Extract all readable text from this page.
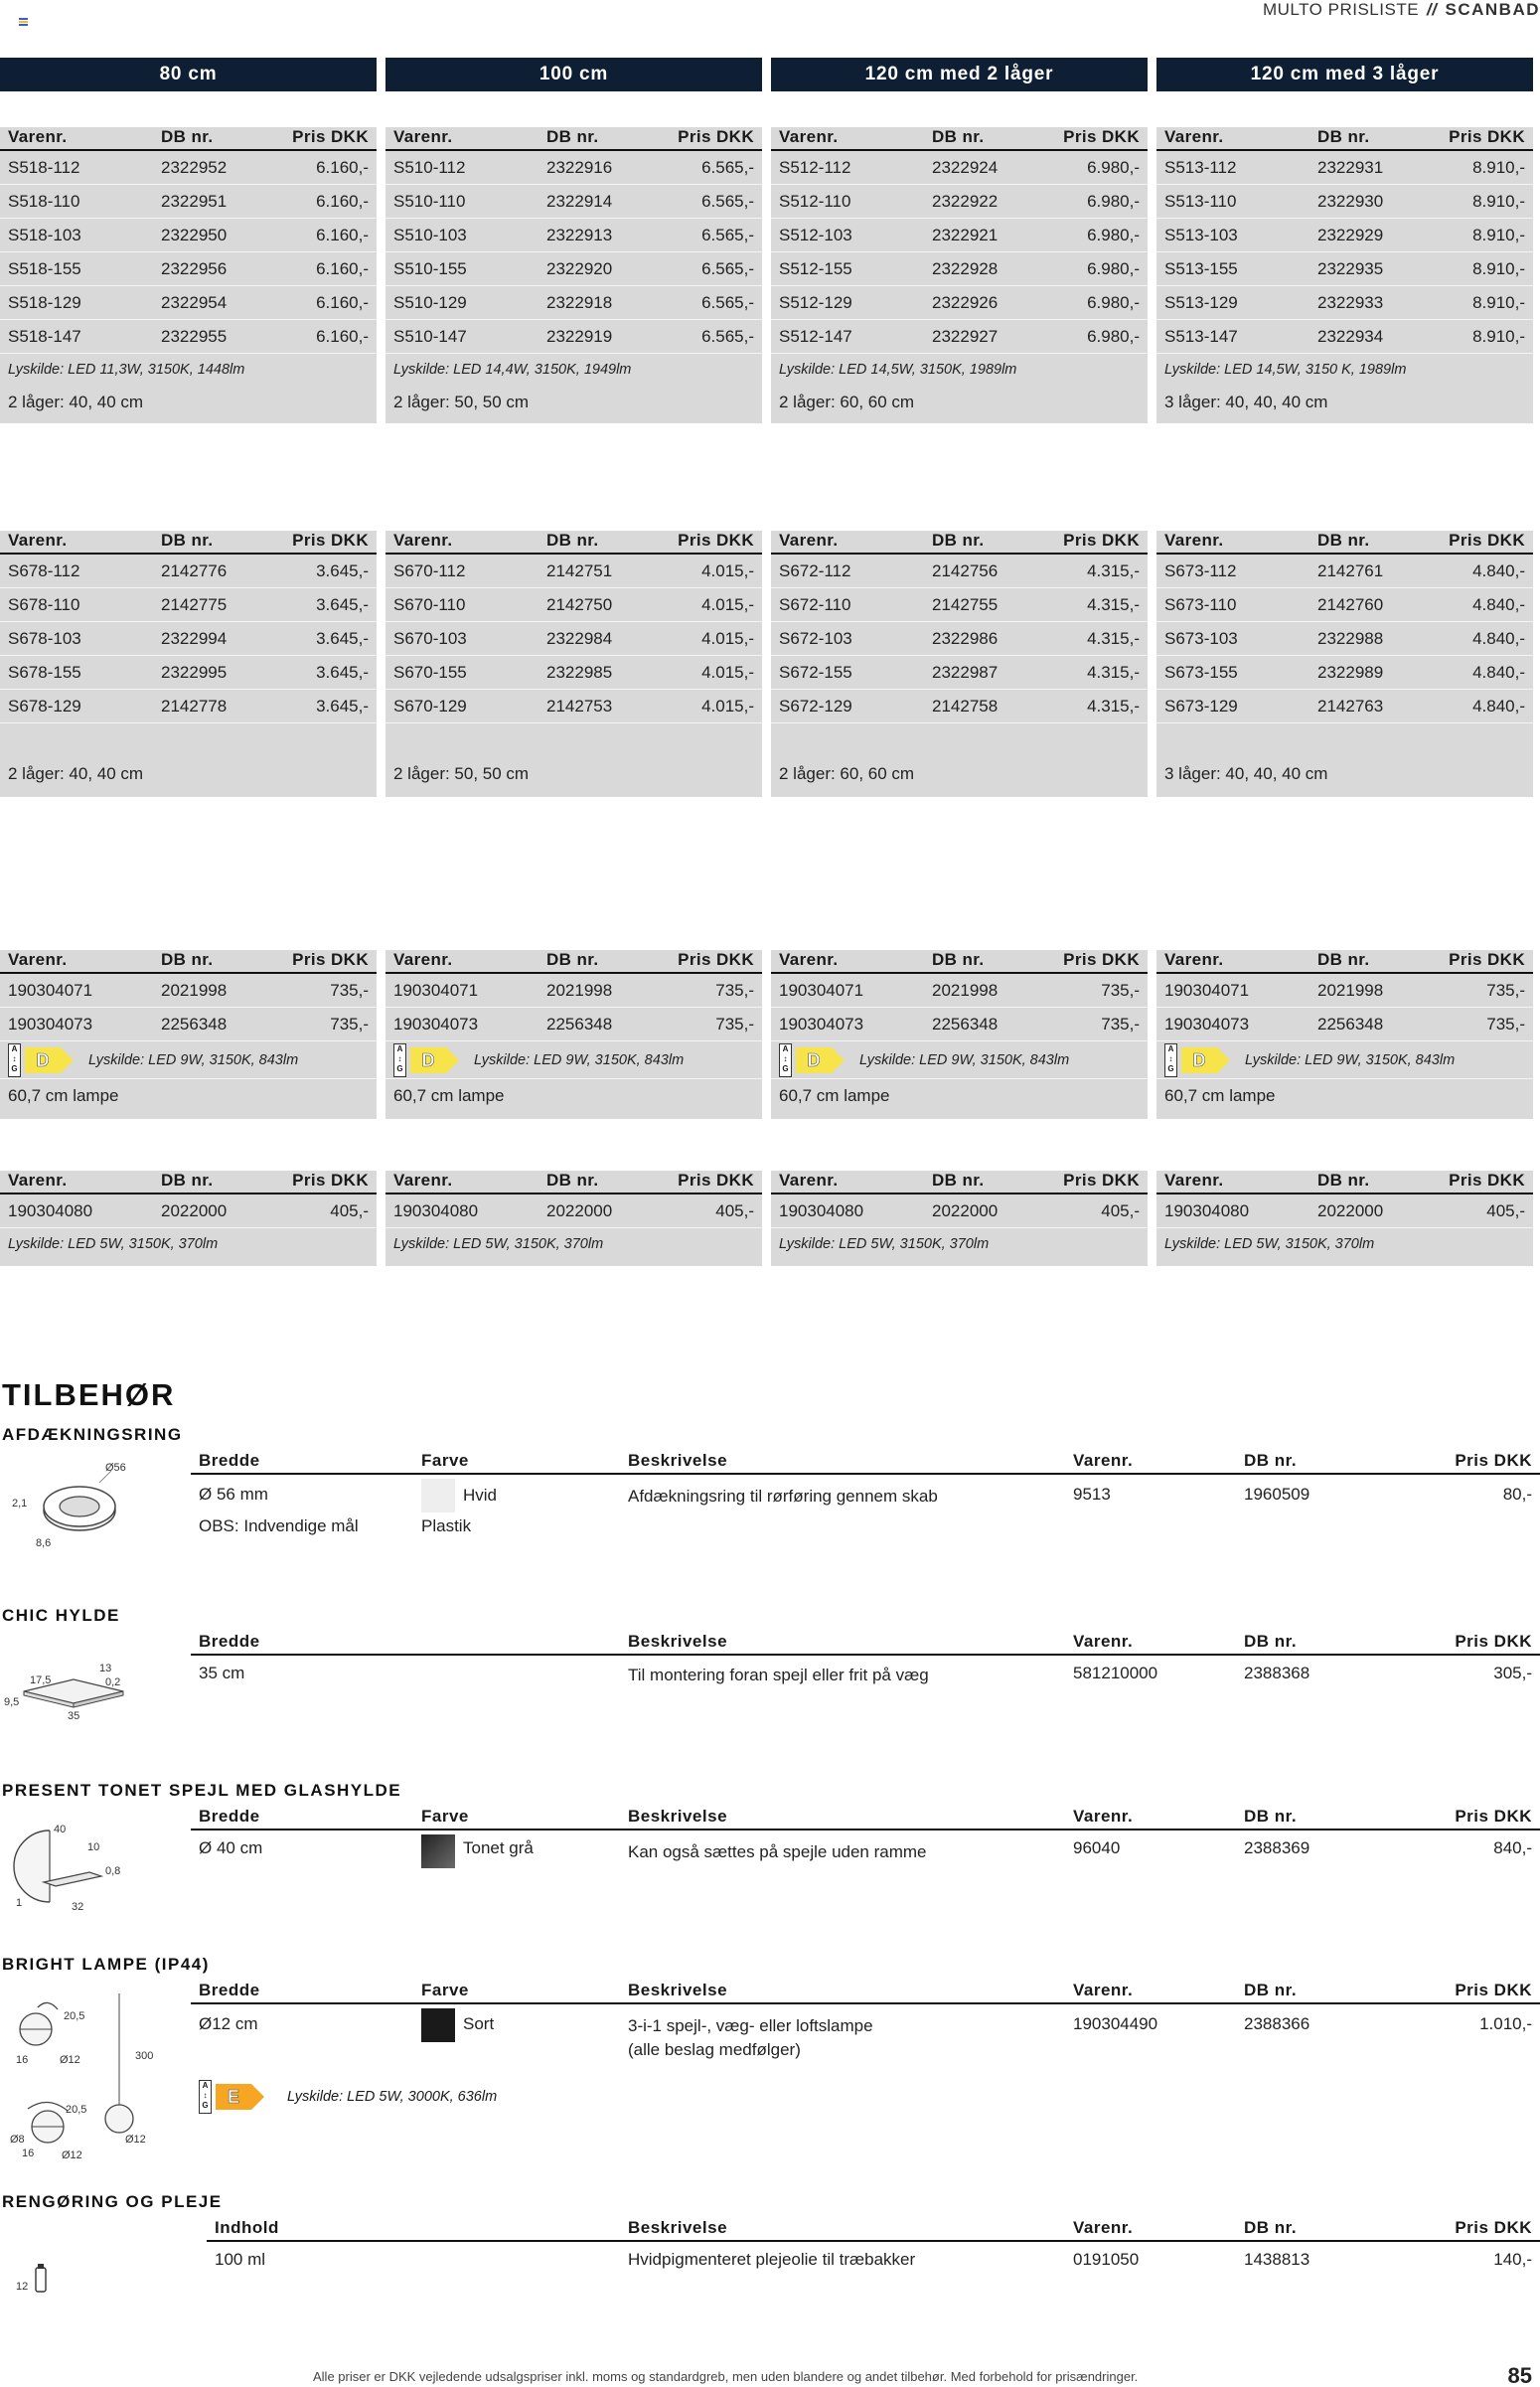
MULTO PRISLISTE // SCANBAD
80 cm	100 cm	120 cm med 2 låger	120 cm med 3 låger
Varenr.	DB nr.	Pris DKK
S518-112	2322952	6.160,-
S518-110	2322951	6.160,-
S518-103	2322950	6.160,-
S518-155	2322956	6.160,-
S518-129	2322954	6.160,-
S518-147	2322955	6.160,-
Lyskilde: LED 11,3W, 3150K, 1448lm
2 låger: 40, 40 cm
Varenr.	DB nr.	Pris DKK
S510-112	2322916	6.565,-
S510-110	2322914	6.565,-
S510-103	2322913	6.565,-
S510-155	2322920	6.565,-
S510-129	2322918	6.565,-
S510-147	2322919	6.565,-
Lyskilde: LED 14,4W, 3150K, 1949lm
2 låger: 50, 50 cm
Varenr.	DB nr.	Pris DKK
S512-112	2322924	6.980,-
S512-110	2322922	6.980,-
S512-103	2322921	6.980,-
S512-155	2322928	6.980,-
S512-129	2322926	6.980,-
S512-147	2322927	6.980,-
Lyskilde: LED 14,5W, 3150K, 1989lm
2 låger: 60, 60 cm
Varenr.	DB nr.	Pris DKK
S513-112	2322931	8.910,-
S513-110	2322930	8.910,-
S513-103	2322929	8.910,-
S513-155	2322935	8.910,-
S513-129	2322933	8.910,-
S513-147	2322934	8.910,-
Lyskilde: LED 14,5W, 3150 K, 1989lm
3 låger: 40, 40, 40 cm
Varenr.	DB nr.	Pris DKK
S678-112	2142776	3.645,-
S678-110	2142775	3.645,-
S678-103	2322994	3.645,-
S678-155	2322995	3.645,-
S678-129	2142778	3.645,-
2 låger: 40, 40 cm
Varenr.	DB nr.	Pris DKK
S670-112	2142751	4.015,-
S670-110	2142750	4.015,-
S670-103	2322984	4.015,-
S670-155	2322985	4.015,-
S670-129	2142753	4.015,-
2 låger: 50, 50 cm
Varenr.	DB nr.	Pris DKK
S672-112	2142756	4.315,-
S672-110	2142755	4.315,-
S672-103	2322986	4.315,-
S672-155	2322987	4.315,-
S672-129	2142758	4.315,-
2 låger: 60, 60 cm
Varenr.	DB nr.	Pris DKK
S673-112	2142761	4.840,-
S673-110	2142760	4.840,-
S673-103	2322988	4.840,-
S673-155	2322989	4.840,-
S673-129	2142763	4.840,-
3 låger: 40, 40, 40 cm
Varenr.	DB nr.	Pris DKK
190304071	2021998	735,-
190304073	2256348	735,-
A
↕
G	D	Lyskilde: LED 9W, 3150K, 843lm
60,7 cm lampe
Varenr.	DB nr.	Pris DKK
190304071	2021998	735,-
190304073	2256348	735,-
A
↕
G	D	Lyskilde: LED 9W, 3150K, 843lm
60,7 cm lampe
Varenr.	DB nr.	Pris DKK
190304071	2021998	735,-
190304073	2256348	735,-
A
↕
G	D	Lyskilde: LED 9W, 3150K, 843lm
60,7 cm lampe
Varenr.	DB nr.	Pris DKK
190304071	2021998	735,-
190304073	2256348	735,-
A
↕
G	D	Lyskilde: LED 9W, 3150K, 843lm
60,7 cm lampe
Varenr.	DB nr.	Pris DKK
190304080	2022000	405,-
Lyskilde: LED 5W, 3150K, 370lm
Varenr.	DB nr.	Pris DKK
190304080	2022000	405,-
Lyskilde: LED 5W, 3150K, 370lm
Varenr.	DB nr.	Pris DKK
190304080	2022000	405,-
Lyskilde: LED 5W, 3150K, 370lm
Varenr.	DB nr.	Pris DKK
190304080	2022000	405,-
Lyskilde: LED 5W, 3150K, 370lm
TILBEHØR
AFDÆKNINGSRING
Ø56
2,1
8,6
Bredde	Farve	Beskrivelse	Varenr.	DB nr.	Pris DKK
Ø 56 mm	Hvid	Afdækningsring til rørføring gennem skab	9513	1960509	80,-
OBS: Indvendige mål	Plastik
CHIC HYLDE
17,5
13
0,2
9,5
35
Bredde	Beskrivelse	Varenr.	DB nr.	Pris DKK
35 cm	Til montering foran spejl eller frit på væg	581210000	2388368	305,-
PRESENT TONET SPEJL MED GLASHYLDE
40
10
0,8
1	32
Bredde	Farve	Beskrivelse	Varenr.	DB nr.	Pris DKK
Ø 40 cm	Tonet grå	Kan også sættes på spejle uden ramme	96040	2388369	840,-
BRIGHT LAMPE (IP44)
20,5
16	Ø12	300
20,5
Ø8
16	Ø12
Ø12
Bredde	Farve	Beskrivelse	Varenr.	DB nr.	Pris DKK
Ø12 cm	Sort	3-i-1 spejl-, væg- eller loftslampe
(alle beslag medfølger)
190304490	2388366	1.010,-
A
↕
G	E	Lyskilde: LED 5W, 3000K, 636lm
RENGØRING OG PLEJE
12
Indhold	Beskrivelse	Varenr.	DB nr.	Pris DKK
100 ml	Hvidpigmenteret plejeolie til træbakker	0191050	1438813	140,-
Alle priser er DKK vejledende udsalgspriser inkl. moms og standardgreb, men uden blandere og andet tilbehør. Med forbehold for prisændringer.	85
